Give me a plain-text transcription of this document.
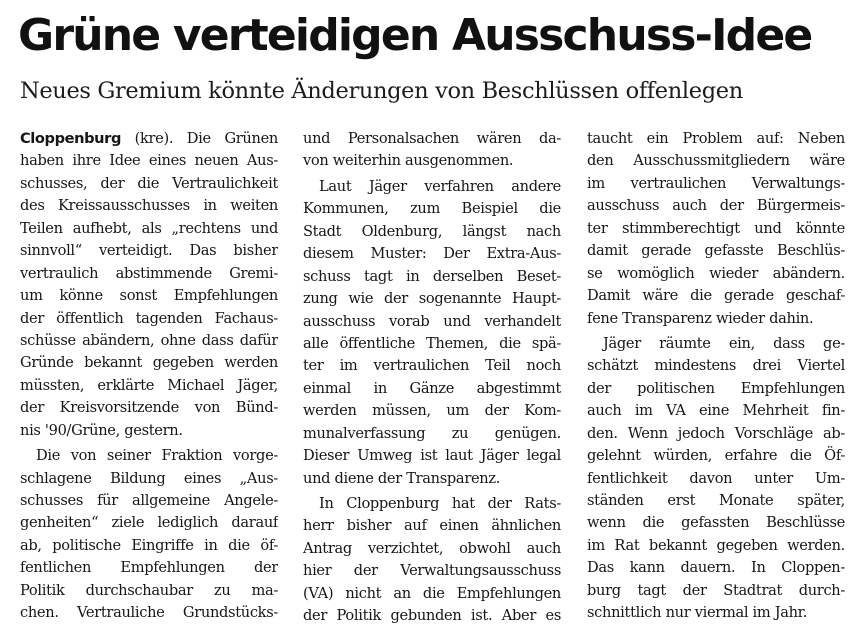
Grüne verteidigen Ausschuss-Idee
Neues Gremium könnte Änderungen von Beschlüssen offenlegen
Cloppenburg (kre). Die Grünen
haben ihre Idee eines neuen Aus-
schusses, der die Vertraulichkeit
des Kreissausschusses in weiten
Teilen aufhebt, als „rechtens und
sinnvoll“ verteidigt. Das bisher
vertraulich abstimmende Gremi-
um könne sonst Empfehlungen
der öffentlich tagenden Fachaus-
schüsse abändern, ohne dass dafür
Gründe bekannt gegeben werden
müssten, erklärte Michael Jäger,
der Kreisvorsitzende von Bünd-
nis '90/Grüne, gestern.
Die von seiner Fraktion vorge-
schlagene Bildung eines „Aus-
schusses für allgemeine Angele-
genheiten“ ziele lediglich darauf
ab, politische Eingriffe in die öf-
fentlichen Empfehlungen der
Politik durchschaubar zu ma-
chen. Vertrauliche Grundstücks-
und Personalsachen wären da-
von weiterhin ausgenommen.
Laut Jäger verfahren andere
Kommunen, zum Beispiel die
Stadt Oldenburg, längst nach
diesem Muster: Der Extra-Aus-
schuss tagt in derselben Beset-
zung wie der sogenannte Haupt-
ausschuss vorab und verhandelt
alle öffentliche Themen, die spä-
ter im vertraulichen Teil noch
einmal in Gänze abgestimmt
werden müssen, um der Kom-
munalverfassung zu genügen.
Dieser Umweg ist laut Jäger legal
und diene der Transparenz.
In Cloppenburg hat der Rats-
herr bisher auf einen ähnlichen
Antrag verzichtet, obwohl auch
hier der Verwaltungsausschuss
(VA) nicht an die Empfehlungen
der Politik gebunden ist. Aber es
taucht ein Problem auf: Neben
den Ausschussmitgliedern wäre
im vertraulichen Verwaltungs-
ausschuss auch der Bürgermeis-
ter stimmberechtigt und könnte
damit gerade gefasste Beschlüs-
se womöglich wieder abändern.
Damit wäre die gerade geschaf-
fene Transparenz wieder dahin.
Jäger räumte ein, dass ge-
schätzt mindestens drei Viertel
der politischen Empfehlungen
auch im VA eine Mehrheit fin-
den. Wenn jedoch Vorschläge ab-
gelehnt würden, erfahre die Öf-
fentlichkeit davon unter Um-
ständen erst Monate später,
wenn die gefassten Beschlüsse
im Rat bekannt gegeben werden.
Das kann dauern. In Cloppen-
burg tagt der Stadtrat durch-
schnittlich nur viermal im Jahr.
